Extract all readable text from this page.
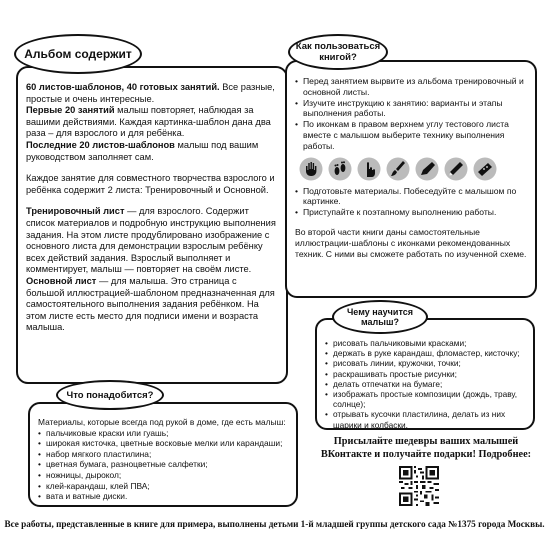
60 листов-шаблонов, 40 готовых занятий. Все разные, простые и очень интересные.

Первые 20 занятий малыш повторяет, наблюдая за вашими действиями. Каждая картинка-шаблон дана два раза – для взрослого и для ребёнка.

Последние 20 листов-шаблонов малыш под вашим руководством заполняет сам.

Каждое занятие для совместного творчества взрослого и ребёнка содержит 2 листа: Тренировочный и Основной.

Тренировочный лист — для взрослого. Содержит список материалов и подробную инструкцию выполнения задания. На этом листе продублировано изображение с основного листа для демонстрации взрослым ребёнку всех действий задания. Взрослый выполняет и комментирует, малыш — повторяет на своём листе.

Основной лист — для малыша. Это страница с большой иллюстрацией-шаблоном предназначенная для самостоятельного выполнения задания ребёнком. На этом листе есть место для подписи имени и возраста малыша.

Альбом содержит
• Перед занятием вырвите из альбома тренировочный и основной листы.
• Изучите инструкцию к занятию: варианты и этапы выполнения работы.
• По иконкам в правом верхнем углу тестового листа вместе с малышом выберите технику выполнения работы.
• Подготовьте материалы. Побеседуйте с малышом по картинке.
• Приступайте к поэтапному выполнению работы.

Во второй части книги даны самостоятельные иллюстрации-шаблоны с иконками рекомендованных техник. С ними вы сможете работать по изученной схеме.

Как пользоваться книгой?
• рисовать пальчиковыми красками;
• держать в руке карандаш, фломастер, кисточку;
• рисовать линии, кружочки, точки;
• раскрашивать простые рисунки;
• делать отпечатки на бумаге;
• изображать простые композиции (дождь, траву, солнце);
• отрывать кусочки пластилина, делать из них шарики и колбаски.
Чему научится малыш?

Материалы, которые всегда под рукой в доме, где есть малыш:

• пальчиковые краски или гуашь;
• широкая кисточка, цветные восковые мелки или карандаши;
• набор мягкого пластилина;
• цветная бумага, разноцветные салфетки;
• ножницы, дырокол;
• клей-карандаш, клей ПВА;
• вата и ватные диски.
Что понадобится?

Присылайте шедевры ваших малышей ВКонтакте и получайте подарки! Подробнее:

Все работы, представленные в книге для примера, выполнены детьми 1-й младшей группы детского сада №1375 города Москвы.
